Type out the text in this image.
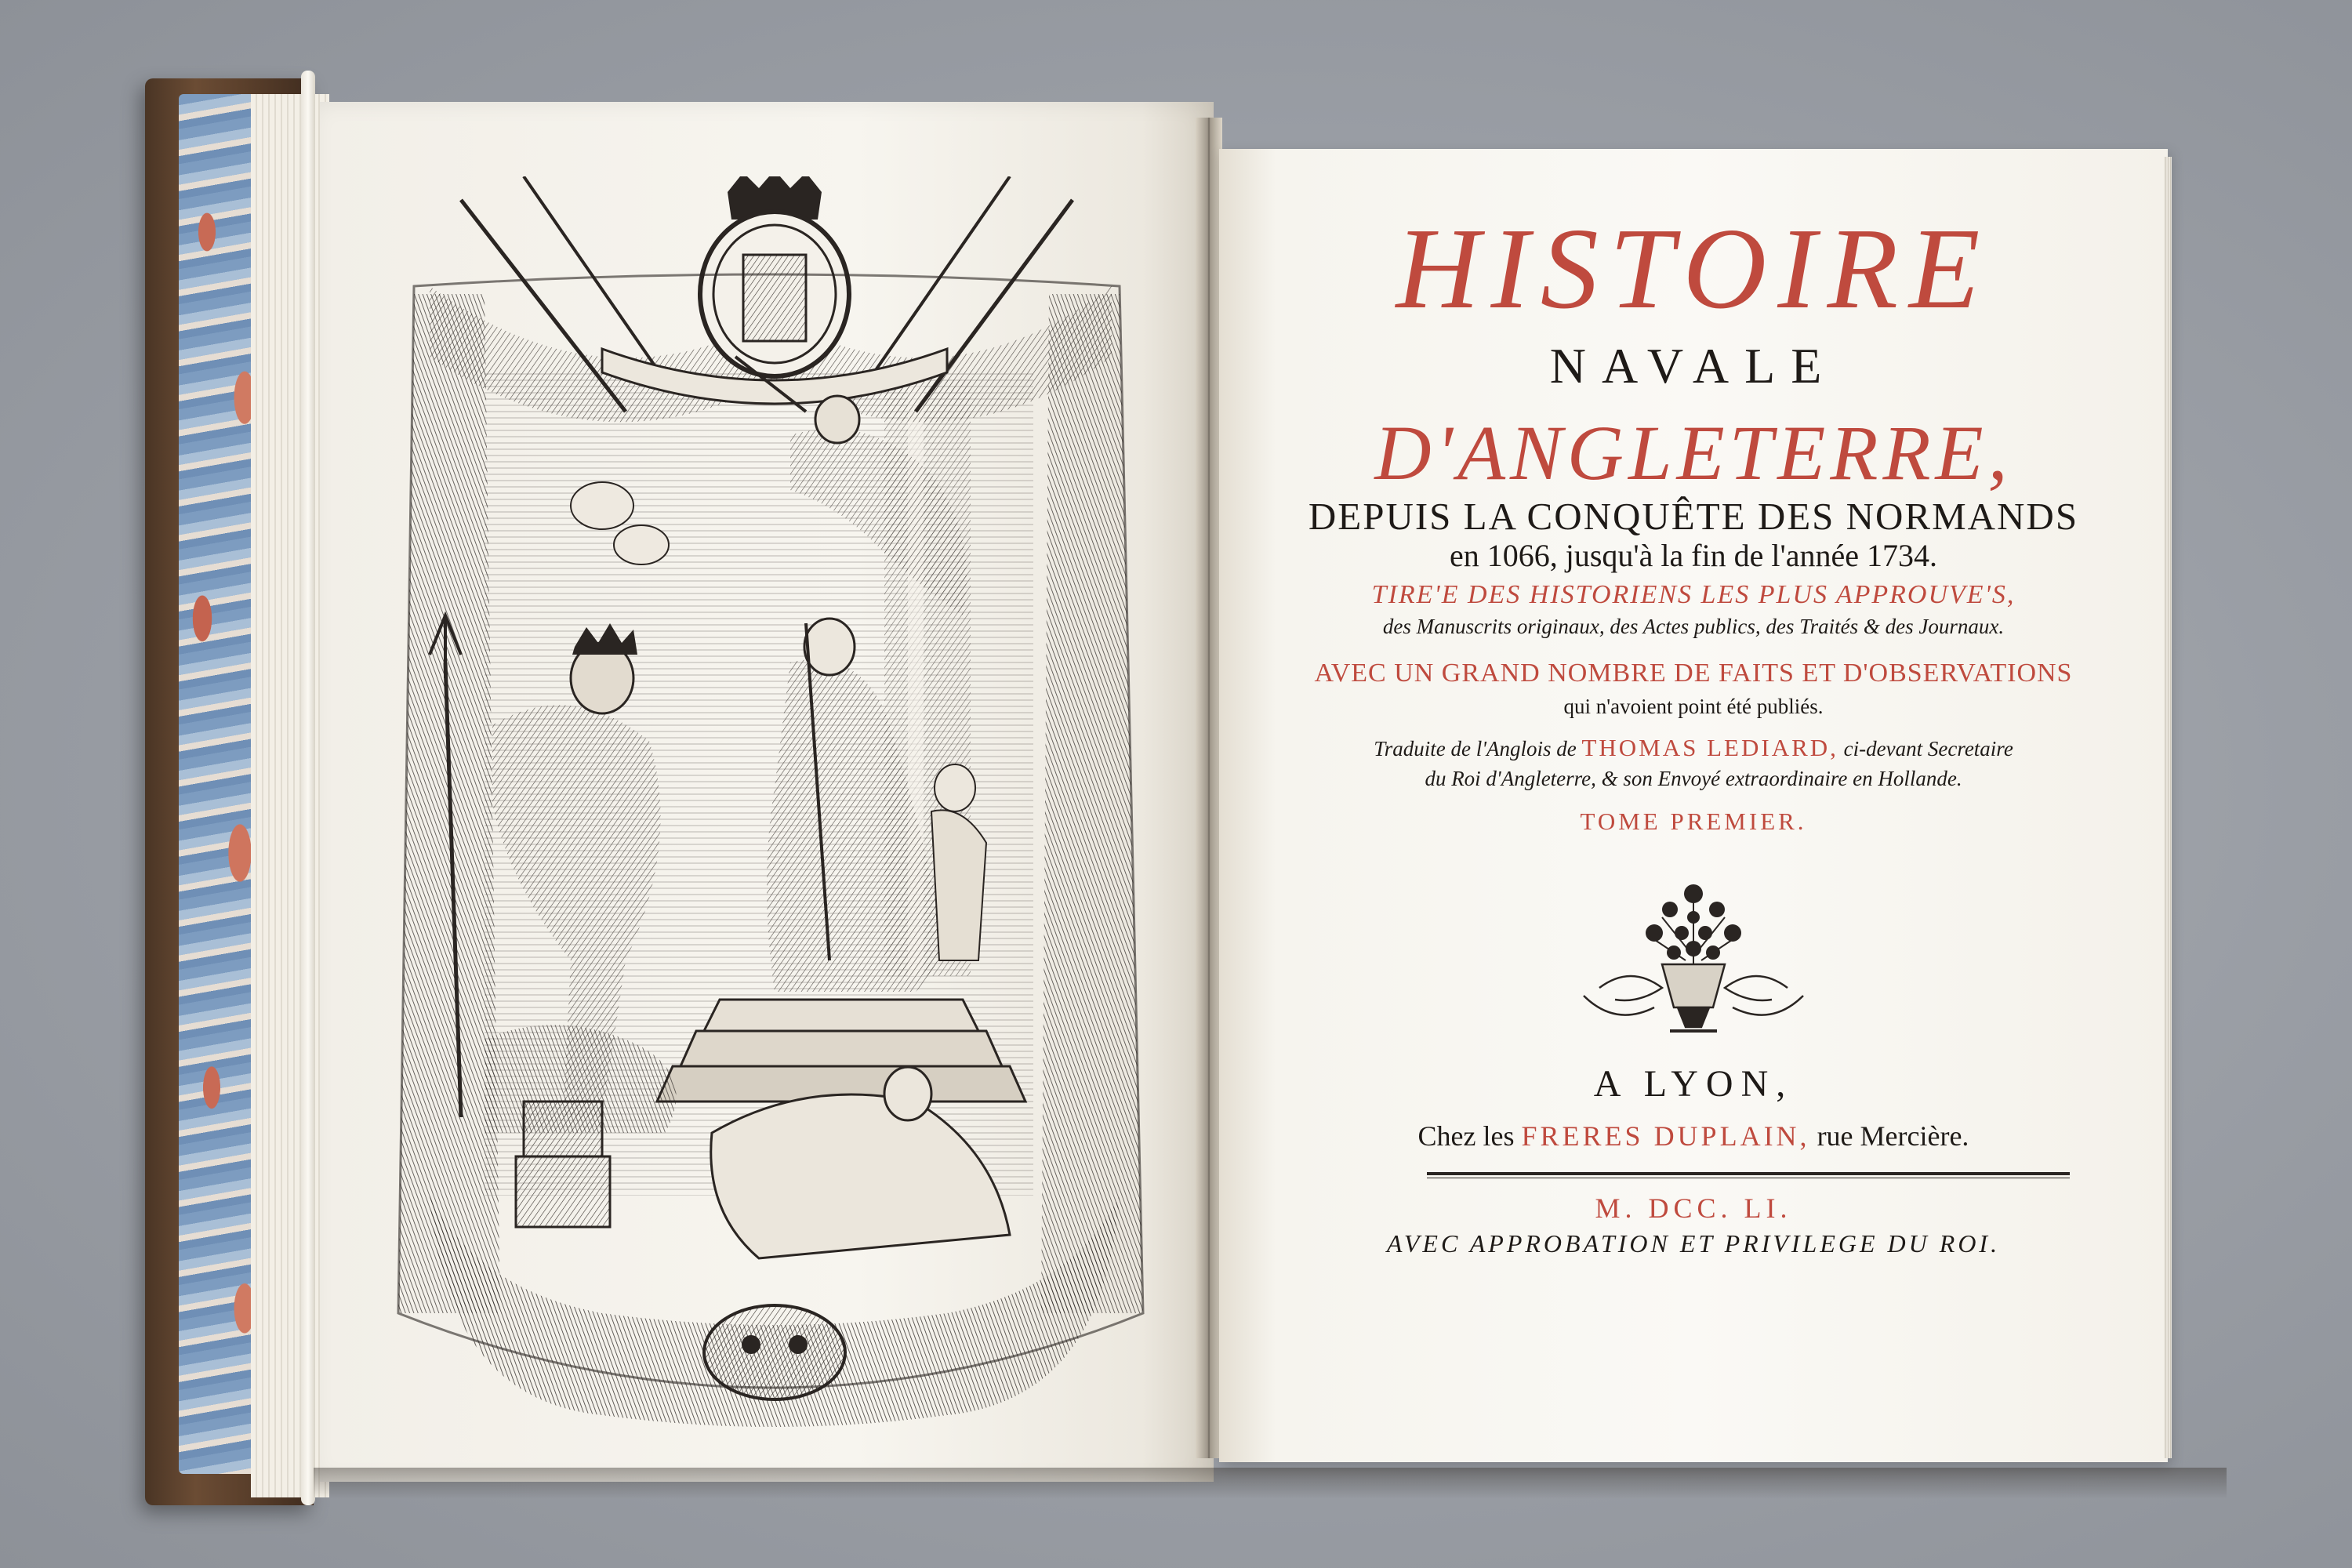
HISTOIRE
NAVALE
D'ANGLETERRE,
DEPUIS LA CONQUÊTE DES NORMANDS
en 1066, jusqu'à la fin de l'année 1734.
TIRE'E DES HISTORIENS LES PLUS APPROUVE'S,
des Manuscrits originaux, des Actes publics, des Traités & des Journaux.
AVEC UN GRAND NOMBRE DE FAITS ET D'OBSERVATIONS
qui n'avoient point été publiés.
Traduite de l'Anglois de THOMAS LEDIARD, ci-devant Secretaire
du Roi d'Angleterre, & son Envoyé extraordinaire en Hollande.
TOME PREMIER.
A LYON,
Chez les FRERES DUPLAIN, rue Mercière.
M. DCC. LI.
AVEC APPROBATION ET PRIVILEGE DU ROI.
